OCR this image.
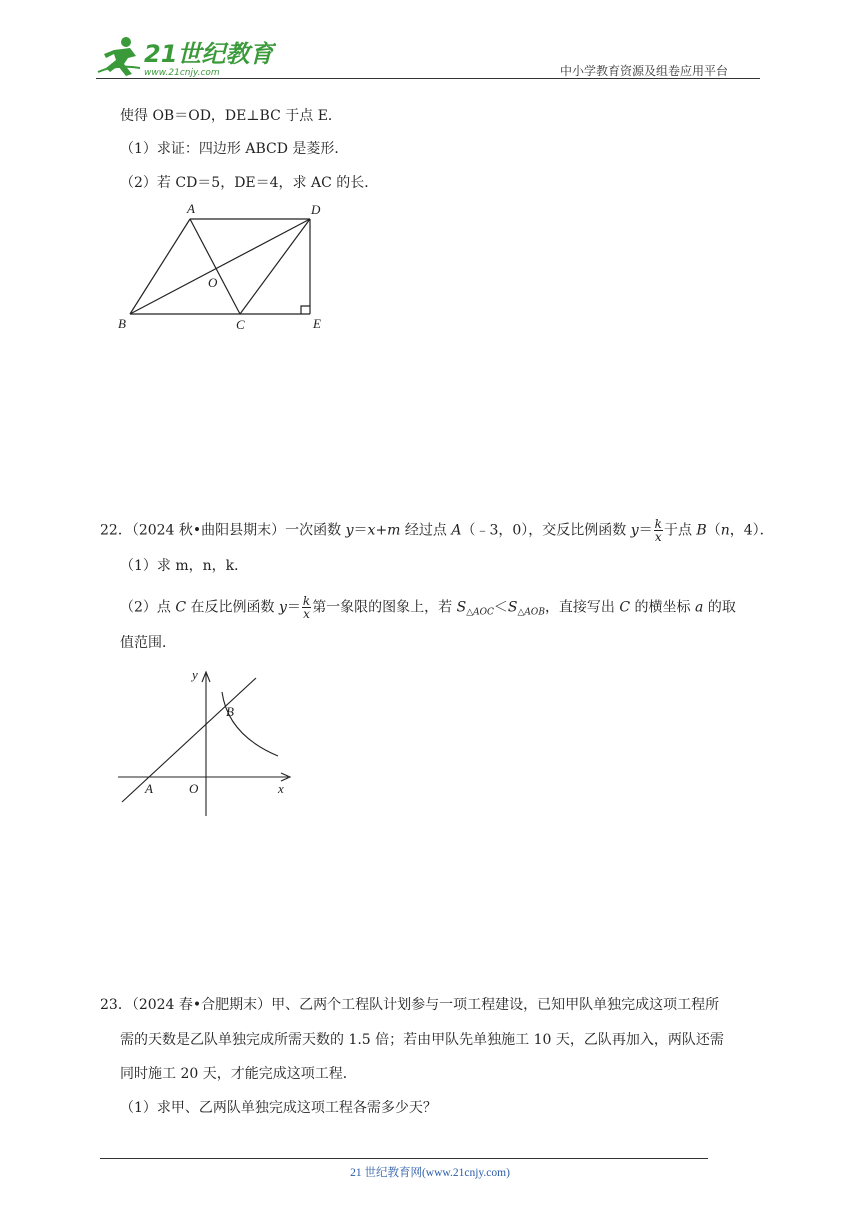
21世纪教育
www.21cnjy.com	中小学教育资源及组卷应用平台
使得 OB＝OD，DE⊥BC 于点 E．
（1）求证：四边形 ABCD 是菱形．
（2）若 CD＝5，DE＝4，求 AC 的长．
A	D
O
B	C	E
22．（2024 秋•曲阳县期末）一次函数 y＝x+m 经过点 A（﹣3，0），交反比例函数 $y= \frac{k}{x}$ 于点 B（n，4）．
（1）求 m，n，k．
（2）点 C 在反比例函数 $y= \frac{k}{x}$ 第一象限的图象上，若 $S_{\triangle AOC}<S_{\triangle AOB}$，直接写出 C 的横坐标 a 的取
值范围．
y
B
A	O	x
23．（2024 春•合肥期末）甲、乙两个工程队计划参与一项工程建设，已知甲队单独完成这项工程所
需的天数是乙队单独完成所需天数的 1.5 倍；若由甲队先单独施工 10 天，乙队再加入，两队还需
同时施工 20 天，才能完成这项工程．
（1）求甲、乙两队单独完成这项工程各需多少天？
21 世纪教育网(www.21cnjy.com)
